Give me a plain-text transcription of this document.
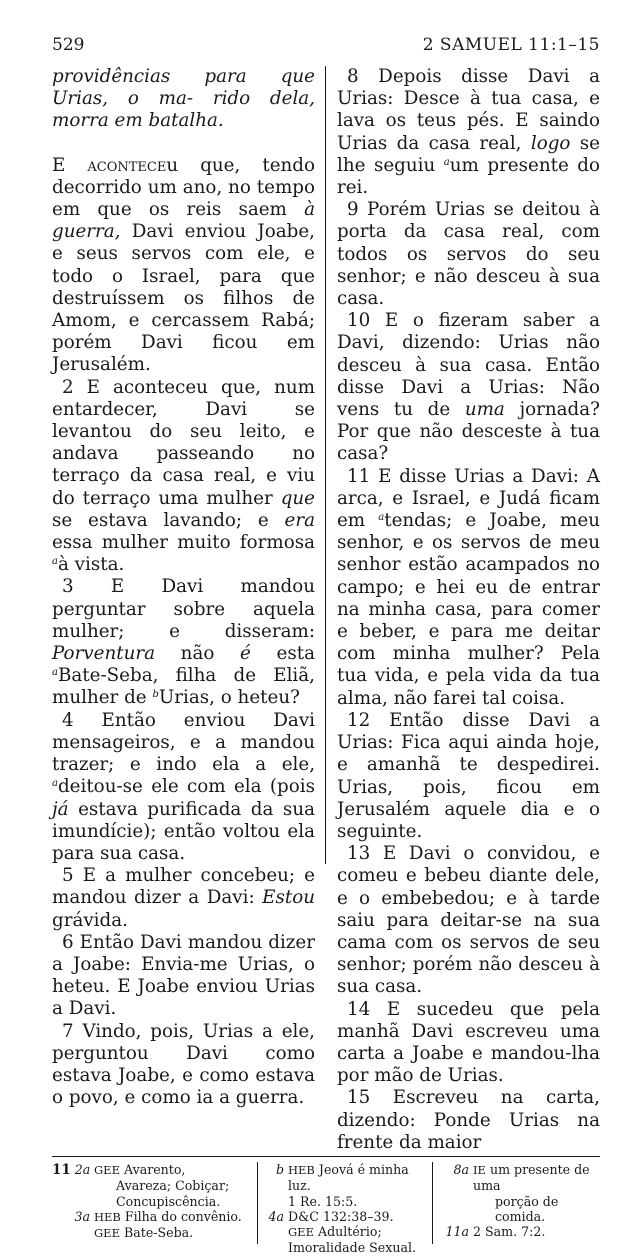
529	2 SAMUEL 11:1–15

providências para que Urias, o ma- rido dela, morra em batalha.

E aconteceu que, tendo decorrido um ano, no tempo em que os reis saem à guerra, Davi enviou Joabe, e seus servos com ele, e todo o Israel, para que destruíssem os filhos de Amom, e cercassem Rabá; porém Davi ficou em Jerusalém.

2 E aconteceu que, num entardecer, Davi se levantou do seu leito, e andava passeando no terraço da casa real, e viu do terraço uma mulher que se estava lavando; e era essa mulher muito formosa $^a$à vista.

3 E Davi mandou perguntar sobre aquela mulher; e disseram: Porventura não é esta $^a$Bate-Seba, filha de Eliã, mulher de $^b$Urias, o heteu?

4 Então enviou Davi mensageiros, e a mandou trazer; e indo ela a ele, $^a$deitou-se ele com ela (pois já estava purificada da sua imundície); então voltou ela para sua casa.

5 E a mulher concebeu; e mandou dizer a Davi: Estou grávida.

6 Então Davi mandou dizer a Joabe: Envia-me Urias, o heteu. E Joabe enviou Urias a Davi.

7 Vindo, pois, Urias a ele, perguntou Davi como estava Joabe, e como estava o povo, e como ia a guerra.

8 Depois disse Davi a Urias: Desce à tua casa, e lava os teus pés. E saindo Urias da casa real, logo se lhe seguiu $^a$um presente do rei.

9 Porém Urias se deitou à porta da casa real, com todos os servos do seu senhor; e não desceu à sua casa.

10 E o fizeram saber a Davi, dizendo: Urias não desceu à sua casa. Então disse Davi a Urias: Não vens tu de uma jornada? Por que não desceste à tua casa?

11 E disse Urias a Davi: A arca, e Israel, e Judá ficam em $^a$tendas; e Joabe, meu senhor, e os servos de meu senhor estão acampados no campo; e hei eu de entrar na minha casa, para comer e beber, e para me deitar com minha mulher? Pela tua vida, e pela vida da tua alma, não farei tal coisa.

12 Então disse Davi a Urias: Fica aqui ainda hoje, e amanhã te despedirei. Urias, pois, ficou em Jerusalém aquele dia e o seguinte.

13 E Davi o convidou, e comeu e bebeu diante dele, e o embebedou; e à tarde saiu para deitar-se na sua cama com os servos de seu senhor; porém não desceu à sua casa.

14 E sucedeu que pela manhã Davi escreveu uma carta a Joabe e mandou-lha por mão de Urias.

15 Escreveu na carta, dizendo: Ponde Urias na frente da maior

11 2a GEE Avarento,
Avareza; Cobiçar;
Concupiscência.
3a HEB Filha do convênio.
GEE Bate-Seba.
b HEB Jeová é minha luz.
1 Re. 15:5.
4a D&C 132:38–39.
GEE Adultério;
Imoralidade Sexual.
8a IE um presente de uma
porção de comida.
11a 2 Sam. 7:2.
